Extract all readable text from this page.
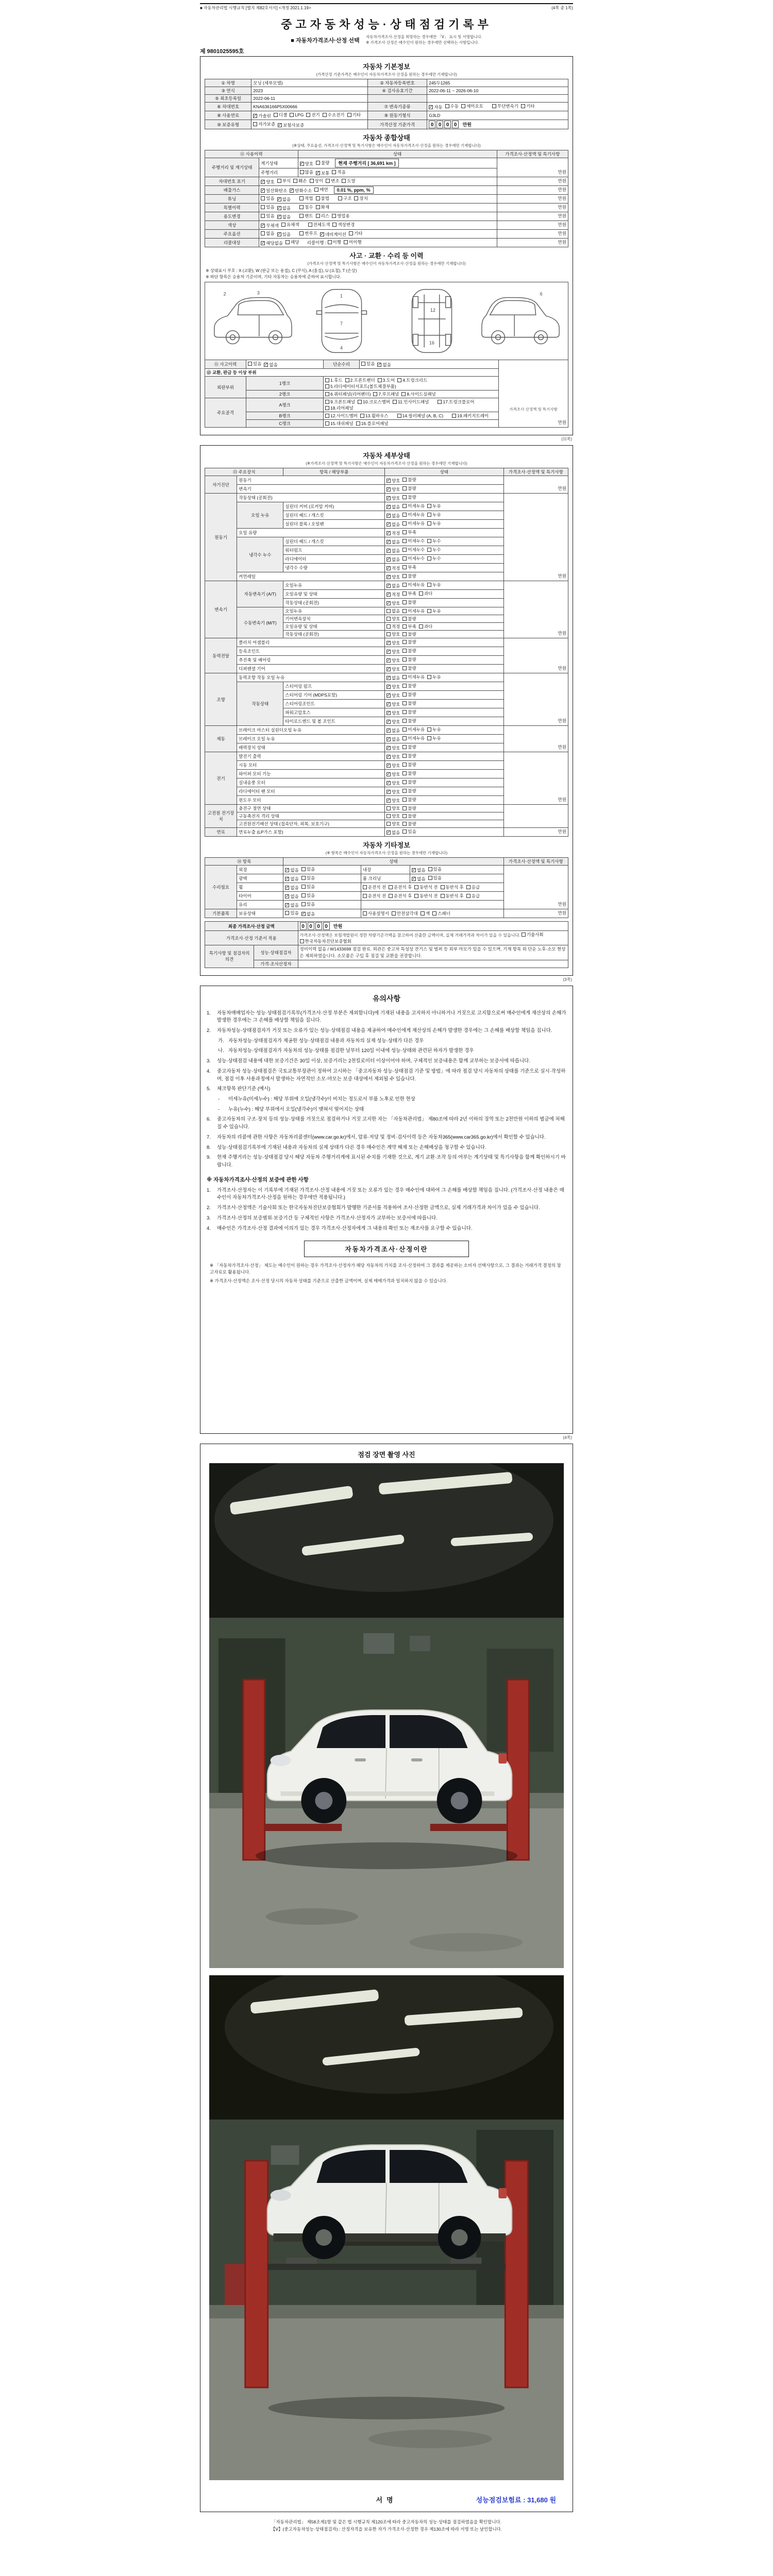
■ 자동차관리법 시행규칙 [별지 제82호서식] <개정 2021.1.19>	(4쪽 중 1쪽)
중고자동차성능·상태점검기록부
■ 자동차가격조사·산정 선택 자동차가격조사·산정을 희망하는 경우에만 「Ⅴ」 표시 및 서명합니다.
※ 가격조사·산정은 매수인이 원하는 경우에만 선택하는 사항입니다.
제 9801025595호
자동차 기본정보
(가격산정 기준가격은 매수인이 자동차가격조사·산정을 원하는 경우에만 기재합니다)
① 차명	모닝 (세부모델)	② 자동차등록번호	245두1265
③ 연식	2023	④ 검사유효기간	2022-06-11 ~ 2026-06-10
⑤ 최초등록일	2022-06-11		
⑥ 차대번호	KNA636166P5X00666	⑦ 변속기종류	✓ 자동 수동 세미오토	무단변속기 기타

⑧ 사용연료	✓ 가솔린 디젤 LPG 전기 수소전기 기타	⑨ 원동기형식	G3LD
⑩ 보증유형	자가보증 ✓ 보험사보증	가격산정 기준가격	0 0 0 0 만원
자동차 종합상태
(※상태, 주요옵션, 가격조사·산정액 및 특기사항은 매수인이 자동차가격조사·산정을 원하는 경우에만 기재합니다)
⑪ 사용이력		상태	가격조사·산정액 및 특기사항
주행거리 및 계기상태	계기상태	✓ 양호 불량 현재 주행거리 [ 36,691 km ]	만원
	주행거리	많음 ✓ 보통 적음	

차대번호 표기	✓ 양호 부식 훼손 상이 변조 도말	만원
배출가스	✓ 일산화탄소 ✓ 탄화수소 매연 0.01 %, ppm, %	만원
튜닝	있음 ✓ 없음	적법 불법	구조 장치	만원
특별이력	있음 ✓ 없음 침수 화재		만원
용도변경	있음 ✓ 없음	렌트 리스 영업용	만원
색상	✓ 무채색 유채색 전체도색 색상변경		만원
주요옵션	없음 ✓ 있음	썬루프 ✓ 네비게이션 기타	만원
리콜대상	✓ 해당없음 해당 리콜이행 : 이행 미이행	만원
사고 · 교환 · 수리 등 이력
(가격조사·산정액 및 특기사항은 매수인이 자동차가격조사·산정을 원하는 경우에만 기재합니다)
※ 상태표시 부호 : X (교환), W (판금 또는 용접), C (부식), A (흠집), U (요철), T (손상)
※ 하단 항목은 승용차 기준이며, 기타 자동차는 승용차에 준하여 표시합니다.
2	3
1
7
4
12
16
6
⑪ 사고이력	있음 ✓ 없음	단순수리	있음 ✓ 없음	가격조사·산정액 및 특기사항
만원
⑫ 교환, 판금 등 이상 부위				
외판부위	1랭크	1.후드 2.프론트펜더 3.도어 4.트렁크리드
5.라디에이터서포트(볼트체결부품)		

	2랭크	6.쿼터패널(리어펜더) 7.루프패널 8.사이드실패널		

주요골격	A랭크	9.프론트패널 10.크로스멤버 11.인사이드패널 17.트렁크플로어
18.리어패널		

	B랭크	12.사이드멤버 13.휠하우스 14.필러패널 (A, B, C) 19.패키지트레이		

	C랭크	15.대쉬패널 16.플로어패널		
(뒤쪽)
자동차 세부상태
(※가격조사·산정액 및 특기사항은 매수인이 자동차가격조사·산정을 원하는 경우에만 기재합니다)
⑬ 주요장치		항목 / 해당부품	상태	가격조사·산정액 및 특기사항
자기진단	원동기		✓ 양호 불량	만원
	변속기		✓ 양호 불량	

원동기	작동상태 (공회전)		✓ 양호 불량	만원
	오일 누유	실린더 커버 (로커암 커버)	✓ 없음 미세누유 누유	

		실린더 헤드 / 개스킷	✓ 없음 미세누유 누유	

		실린더 블록 / 오일팬	✓ 없음 미세누유 누유	

	오일 유량		✓ 적정 부족	

	냉각수 누수	실린더 헤드 / 개스킷	✓ 없음 미세누수 누수	

		워터펌프	✓ 없음 미세누수 누수	

		라디에이터	✓ 없음 미세누수 누수	

		냉각수 수량	✓ 적정 부족	

	커먼레일		✓ 양호 불량	

변속기	자동변속기 (A/T)	오일누유	✓ 없음 미세누유 누유	만원
		오일유량 및 상태	✓ 적정 부족 과다	

		작동상태 (공회전)	✓ 양호 불량	

	수동변속기 (M/T)	오일누유	없음 미세누유 누유	

		기어변속장치	양호 불량	

		오일유량 및 상태	적정 부족 과다	

		작동상태 (공회전)	양호 불량	

동력전달	클러치 어셈블리		✓ 양호 불량	만원
	등속조인트		✓ 양호 불량	

	추진축 및 베어링		✓ 양호 불량	

	디퍼렌셜 기어		✓ 양호 불량	

조향	동력조향 작동 오일 누유		✓ 없음 미세누유 누유	만원
	작동상태	스티어링 펌프	✓ 양호 불량	

		스티어링 기어 (MDPS포함)	✓ 양호 불량	

		스티어링조인트	✓ 양호 불량	

		파워고압호스	✓ 양호 불량	

		타이로드엔드 및 볼 조인트	✓ 양호 불량	

제동	브레이크 마스터 실린더오일 누유		✓ 없음 미세누유 누유	만원
	브레이크 오일 누유		✓ 없음 미세누유 누유	

	배력장치 상태		✓ 양호 불량	

전기	발전기 출력		✓ 양호 불량	만원
	시동 모터		✓ 양호 불량	

	와이퍼 모터 기능		✓ 양호 불량	

	실내송풍 모터		✓ 양호 불량	

	라디에이터 팬 모터		✓ 양호 불량	

	윈도우 모터		✓ 양호 불량	

고전원 전기장치	충전구 절연 상태		양호 불량	

	구동축전지 격리 상태		양호 불량	

	고전원전기배선 상태 (접속단자, 피복, 보호기구)		양호 불량	

연료	연료누출 (LP가스 포함)		✓ 없음 있음	만원
자동차 기타정보
(※ 항목은 매수인이 자동차가격조사·산정을 원하는 경우에만 기재합니다)
⑭ 항목		상태			가격조사·산정액 및 특기사항
수리필요	외장	✓ 없음 있음	내장	✓ 없음 있음	만원
	광택	✓ 없음 있음	룸 크리닝	✓ 없음 있음	

	휠	✓ 없음 있음	운전석 전 운전석 후 동반석 전 동반석 후 응급		

	타이어	✓ 없음 있음	운전석 전 운전석 후 동반석 전 동반석 후 응급		

	유리	✓ 없음 있음			

기본품목	보유상태	있음 ✓ 없음	사용설명서 안전삼각대 잭 스패너		만원
최종 가격조사·산정 금액		0 0 0 0 만원
가격조사·산정 기준서 적용		가격조사·산정액은 보험개발원이 정한 차량기준가액을 참고하여 산출한 금액이며, 실제 거래가격과 차이가 있을 수 있습니다. 기술사회
한국자동차진단보증협회

특기사항 및 점검자의 의견	성능·상태점검자	정비이력 없음 / W1433698 점검 완료. 외관은 중고차 특성상 잔기스 및 범퍼 등 외부 마모가 있을 수 있으며, 기재 항목 외 단순 노후·소모 현상은 제외하였습니다. 소모품은 구입 후 점검 및 교환을 권장합니다.
	가격·조사산정자	
(3쪽)
유의사항
1.	자동차매매업자는 성능·상태점검기록부(가격조사·산정 부분은 제외합니다)에 기재된 내용을 고지하지 아니하거나 거짓으로 고지함으로써 매수인에게 재산상의 손해가 발생한 경우에는 그 손해를 배상할 책임을 집니다.
2.	자동차성능·상태점검자가 거짓 또는 오류가 있는 성능·상태점검 내용을 제공하여 매수인에게 재산상의 손해가 발생한 경우에는 그 손해를 배상할 책임을 집니다.
가. 자동차성능·상태점검자가 제공한 성능·상태점검 내용과 자동차의 실제 성능·상태가 다른 경우
나. 자동차성능·상태점검자가 자동차의 성능·상태를 점검한 날부터 120일 이내에 성능·상태와 관련된 하자가 발생한 경우
3.	성능·상태점검 내용에 대한 보증기간은 30일 이상, 보증거리는 2천킬로미터 이상이어야 하며, 구체적인 보증내용은 함께 교부하는 보증서에 따릅니다.
4.	중고자동차 성능·상태점검은 국토교통부장관이 정하여 고시하는 「중고자동차 성능·상태점검 기준 및 방법」에 따라 점검 당시 자동차의 상태를 기준으로 실시·작성하며, 점검 이후 사용과정에서 발생하는 자연적인 소모·마모는 보증 대상에서 제외될 수 있습니다.
5.	체크항목 판단기준 (예시)
-	미세누유(미세누수) : 해당 부위에 오일(냉각수)이 비치는 정도로서 부품 노후로 인한 현상
-	누유(누수) : 해당 부위에서 오일(냉각수)이 맺혀서 떨어지는 상태
6.	중고자동차의 구조·장치 등의 성능·상태를 거짓으로 점검하거나 거짓 고지한 자는 「자동차관리법」 제80조에 따라 2년 이하의 징역 또는 2천만원 이하의 벌금에 처해질 수 있습니다.
7.	자동차의 리콜에 관한 사항은 자동차리콜센터(www.car.go.kr)에서, 압류·저당 및 정비·검사이력 등은 자동차365(www.car365.go.kr)에서 확인할 수 있습니다.
8.	성능·상태점검기록부에 기재된 내용과 자동차의 실제 상태가 다른 경우 매수인은 계약 해제 또는 손해배상을 청구할 수 있습니다.
9.	현재 주행거리는 성능·상태점검 당시 해당 자동차 주행거리계에 표시된 수치를 기재한 것으로, 계기 교환·조작 등의 여부는 계기상태 및 특기사항을 함께 확인하시기 바랍니다.
※ 자동차가격조사·산정의 보증에 관한 사항
1.	가격조사·산정자는 이 기록부에 기재된 가격조사·산정 내용에 거짓 또는 오류가 있는 경우 매수인에 대하여 그 손해를 배상할 책임을 집니다. (가격조사·산정 내용은 매수인이 자동차가격조사·산정을 원하는 경우에만 적용됩니다.)
2.	가격조사·산정액은 기술사회 또는 한국자동차진단보증협회가 발행한 기준서를 적용하여 조사·산정한 금액으로, 실제 거래가격과 차이가 있을 수 있습니다.
3.	가격조사·산정의 보증범위·보증기간 등 구체적인 사항은 가격조사·산정자가 교부하는 보증서에 따릅니다.
4.	매수인은 가격조사·산정 결과에 이의가 있는 경우 가격조사·산정자에게 그 내용의 확인 또는 재조사를 요구할 수 있습니다.
자동차가격조사·산정이란
※ 「자동차가격조사·산정」 제도는 매수인이 원하는 경우 가격조사·산정자가 해당 자동차의 가치를 조사·산정하여 그 결과를 제공하는 소비자 선택사항으로, 그 결과는 거래가격 결정의 참고자료로 활용됩니다.
※ 가격조사·산정액은 조사·산정 당시의 자동차 상태를 기준으로 산출한 금액이며, 실제 매매가격과 일치하지 않을 수 있습니다.
(4쪽)
점검 장면 촬영 사진
서명	성능점검보험료 : 31,680 원
「자동차관리법」 제58조제1항 및 같은 법 시행규칙 제120조에 따라 중고자동차의 성능·상태를 점검하였음을 확인합니다.
【Ⅴ】(중고자동차성능·상태점검자) : 산정자격을 보유한 자가 가격조사·산정한 경우 제130조에 따라 서명 또는 날인합니다.
